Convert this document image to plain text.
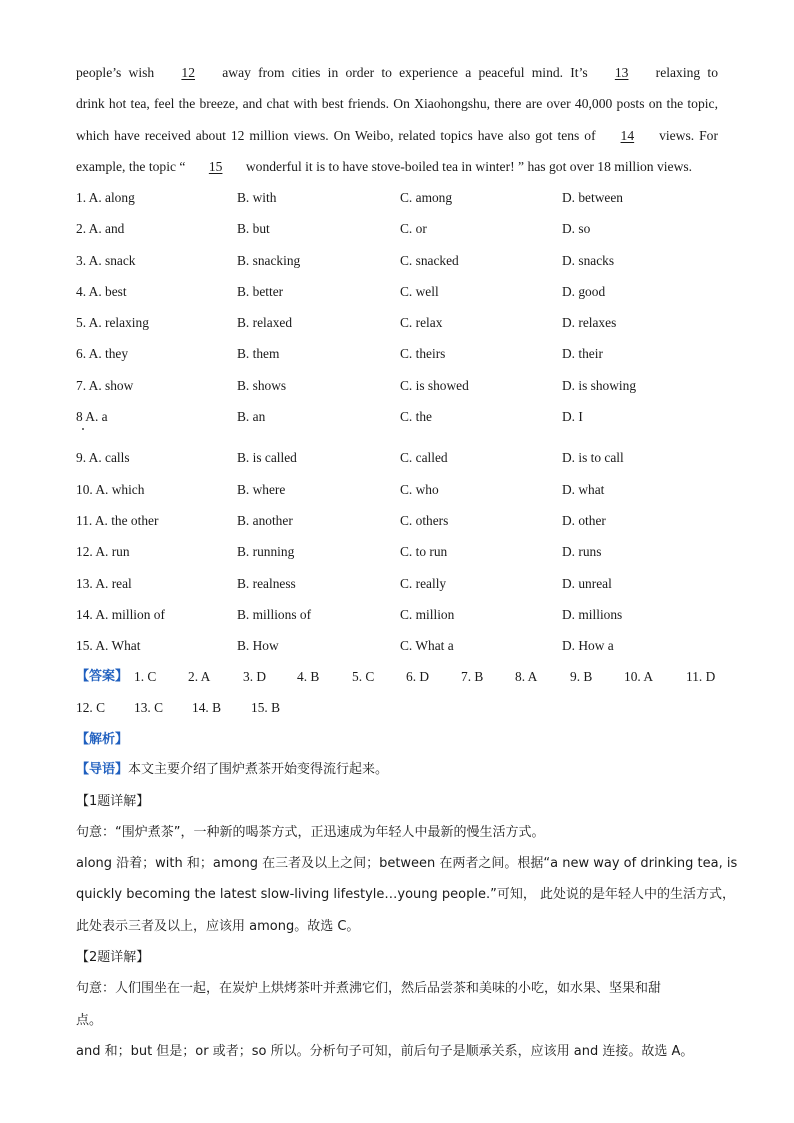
people’s wish 12 away from cities in order to experience a peaceful mind. It’s 13 relaxing to
drink hot tea, feel the breeze, and chat with best friends. On Xiaohongshu, there are over 40,000 posts on the topic,
which have received about 12 million views. On Weibo, related topics have also got tens of 14 views. For
example, the topic “ 15 wonderful it is to have stove-boiled tea in winter! ” has got over 18 million views.
1. A. along	B. with	C. among	D. between
2. A. and	B. but	C. or	D. so
3. A. snack	B. snacking	C. snacked	D. snacks
4. A. best	B. better	C. well	D. good
5. A. relaxing	B. relaxed	C. relax	D. relaxes
6. A. they	B. them	C. theirs	D. their
7. A. show	B. shows	C. is showed	D. is showing
8 A. a	B. an	C. the	D. I
9. A. calls	B. is called	C. called	D. is to call
10. A. which	B. where	C. who	D. what
11. A. the other	B. another	C. others	D. other
12. A. run	B. running	C. to run	D. runs
13. A. real	B. realness	C. really	D. unreal
14. A. million of	B. millions of	C. million	D. millions
15. A. What	B. How	C. What a	D. How a
【答案】 1. C 2. A 3. D 4. B 5. C 6. D 7. B 8. A 9. B 10. A 11. D
12. C 13. C 14. B 15. B
【解析】
【导语】本文主要介绍了围炉煮茶开始变得流行起来。
【1题详解】
句意：“围炉煮茶”，一种新的喝茶方式，正迅速成为年轻人中最新的慢生活方式。
along 沿着；with 和；among 在三者及以上之间；between 在两者之间。根据“a new way of drinking tea, is
quickly becoming the latest slow-living lifestyle…young people.”可知， 此处说的是年轻人中的生活方式，
此处表示三者及以上，应该用 among。故选 C。
【2题详解】
句意：人们围坐在一起，在炭炉上烘烤茶叶并煮沸它们，然后品尝茶和美味的小吃，如水果、坚果和甜
点。
and 和；but 但是；or 或者；so 所以。分析句子可知，前后句子是顺承关系，应该用 and 连接。故选 A。
